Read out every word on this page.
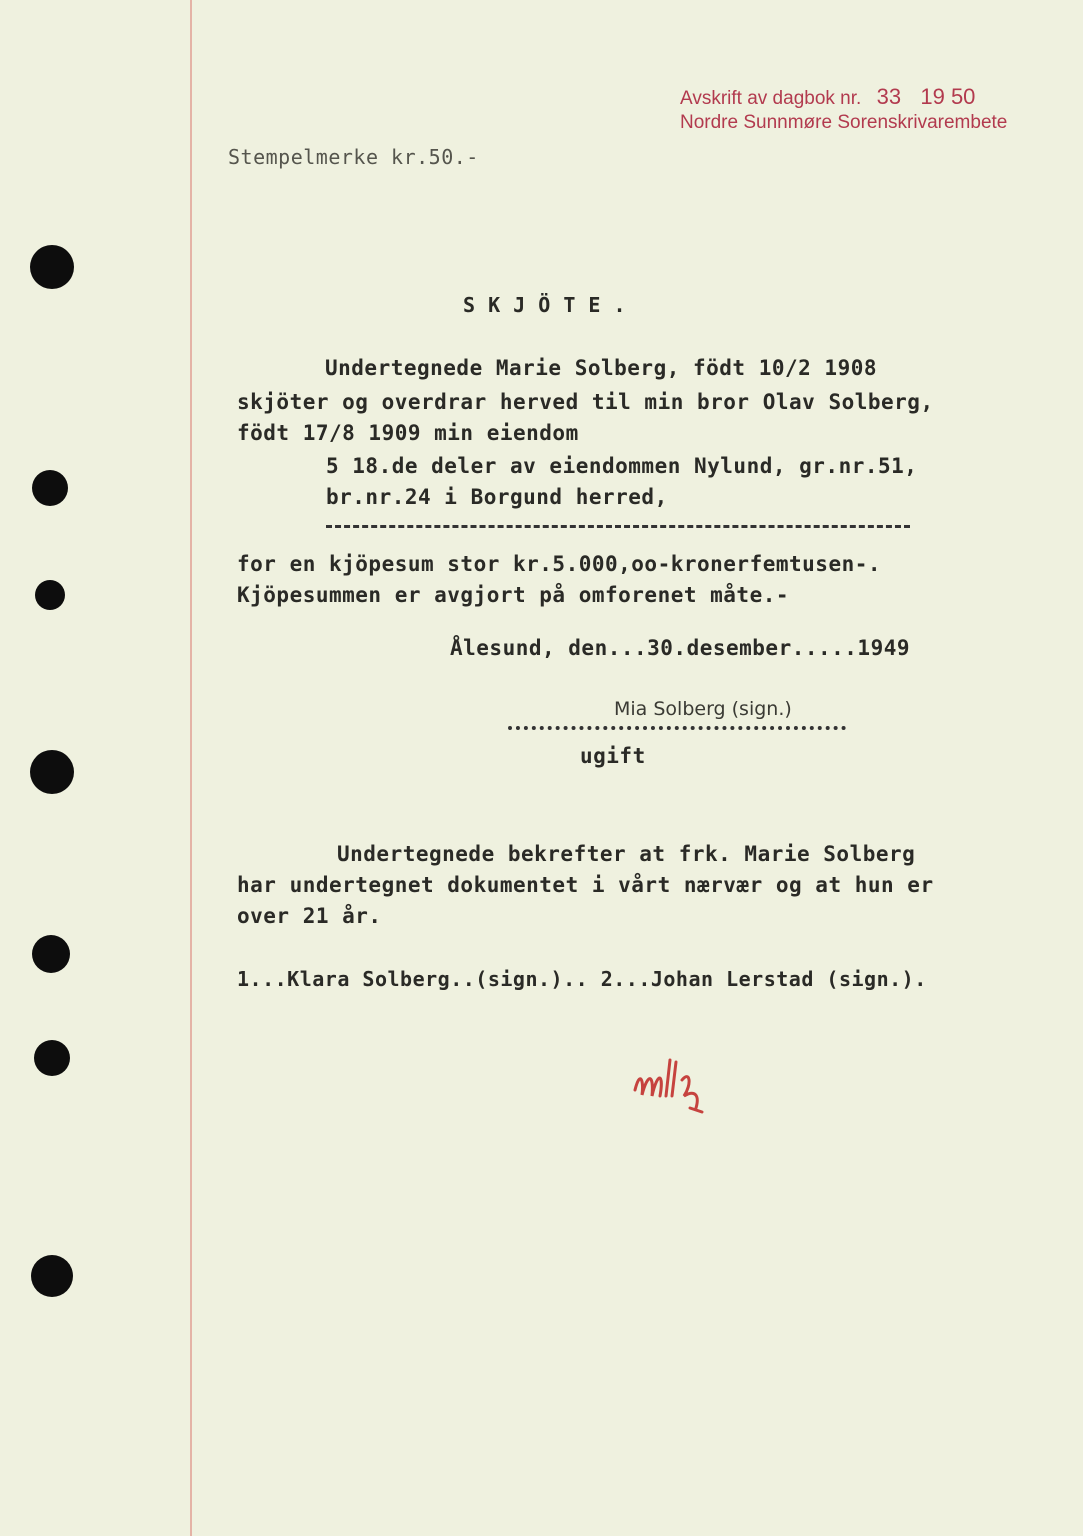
Avskrift av dagbok nr. 33 19 50
Nordre Sunnmøre Sorenskrivarembete
Stempelmerke kr.50.-
S K J Ö T E .
Undertegnede Marie Solberg, födt 10/2 1908
skjöter og overdrar herved til min bror Olav Solberg,
födt 17/8 1909 min eiendom
5 18.de deler av eiendommen Nylund, gr.nr.51,
br.nr.24 i Borgund herred,
for en kjöpesum stor kr.5.000,oo-kronerfemtusen-.
Kjöpesummen er avgjort på omforenet måte.-
Ålesund, den...30.desember.....1949
Mia Solberg (sign.)
ugift
Undertegnede bekrefter at frk. Marie Solberg
har undertegnet dokumentet i vårt nærvær og at hun er
over 21 år.
1...Klara Solberg..(sign.).. 2...Johan Lerstad (sign.).
